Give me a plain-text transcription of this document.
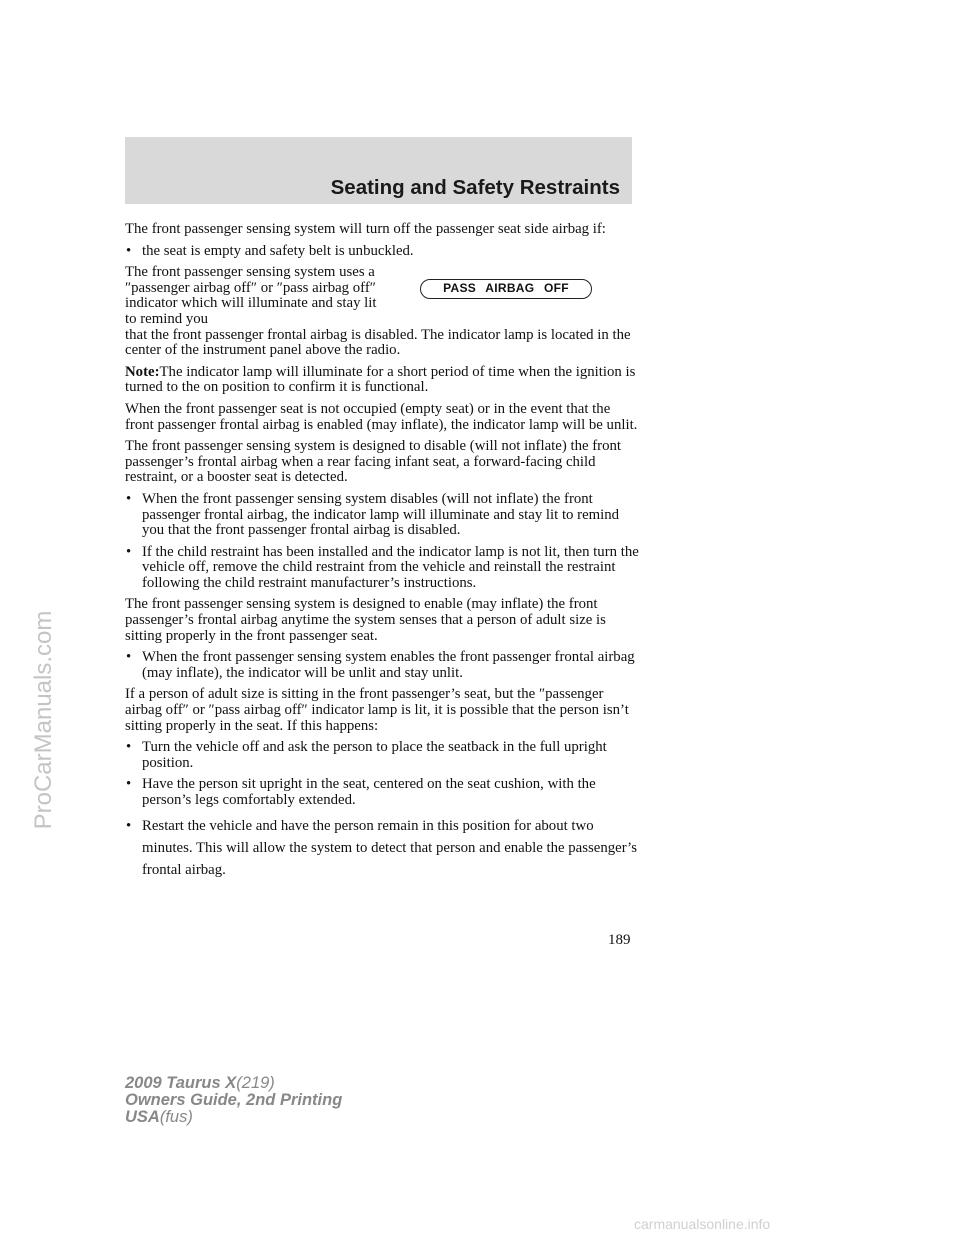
Seating and Safety Restraints

The front passenger sensing system will turn off the passenger seat side airbag if:

• the seat is empty and safety belt is unbuckled.
The front passenger sensing system uses a ″passenger airbag off″ or ″pass airbag off″ indicator which will illuminate and stay lit to remind you
PASS AIRBAG OFF

that the front passenger frontal airbag is disabled. The indicator lamp is located in the center of the instrument panel above the radio.

Note:The indicator lamp will illuminate for a short period of time when the ignition is turned to the on position to confirm it is functional.

When the front passenger seat is not occupied (empty seat) or in the event that the front passenger frontal airbag is enabled (may inflate), the indicator lamp will be unlit.

The front passenger sensing system is designed to disable (will not inflate) the front passenger’s frontal airbag when a rear facing infant seat, a forward-facing child restraint, or a booster seat is detected.

• When the front passenger sensing system disables (will not inflate) the front passenger frontal airbag, the indicator lamp will illuminate and stay lit to remind you that the front passenger frontal airbag is disabled.
• If the child restraint has been installed and the indicator lamp is not lit, then turn the vehicle off, remove the child restraint from the vehicle and reinstall the restraint following the child restraint manufacturer’s instructions.

The front passenger sensing system is designed to enable (may inflate) the front passenger’s frontal airbag anytime the system senses that a person of adult size is sitting properly in the front passenger seat.

• When the front passenger sensing system enables the front passenger frontal airbag (may inflate), the indicator will be unlit and stay unlit.

If a person of adult size is sitting in the front passenger’s seat, but the ″passenger airbag off″ or ″pass airbag off″ indicator lamp is lit, it is possible that the person isn’t sitting properly in the seat. If this happens:

• Turn the vehicle off and ask the person to place the seatback in the full upright position.
• Have the person sit upright in the seat, centered on the seat cushion, with the person’s legs comfortably extended.
• Restart the vehicle and have the person remain in this position for about two minutes. This will allow the system to detect that person and enable the passenger’s frontal airbag.
189
2009 Taurus X(219)
Owners Guide, 2nd Printing
USA(fus)
ProCarManuals.com
carmanualsonline.info
